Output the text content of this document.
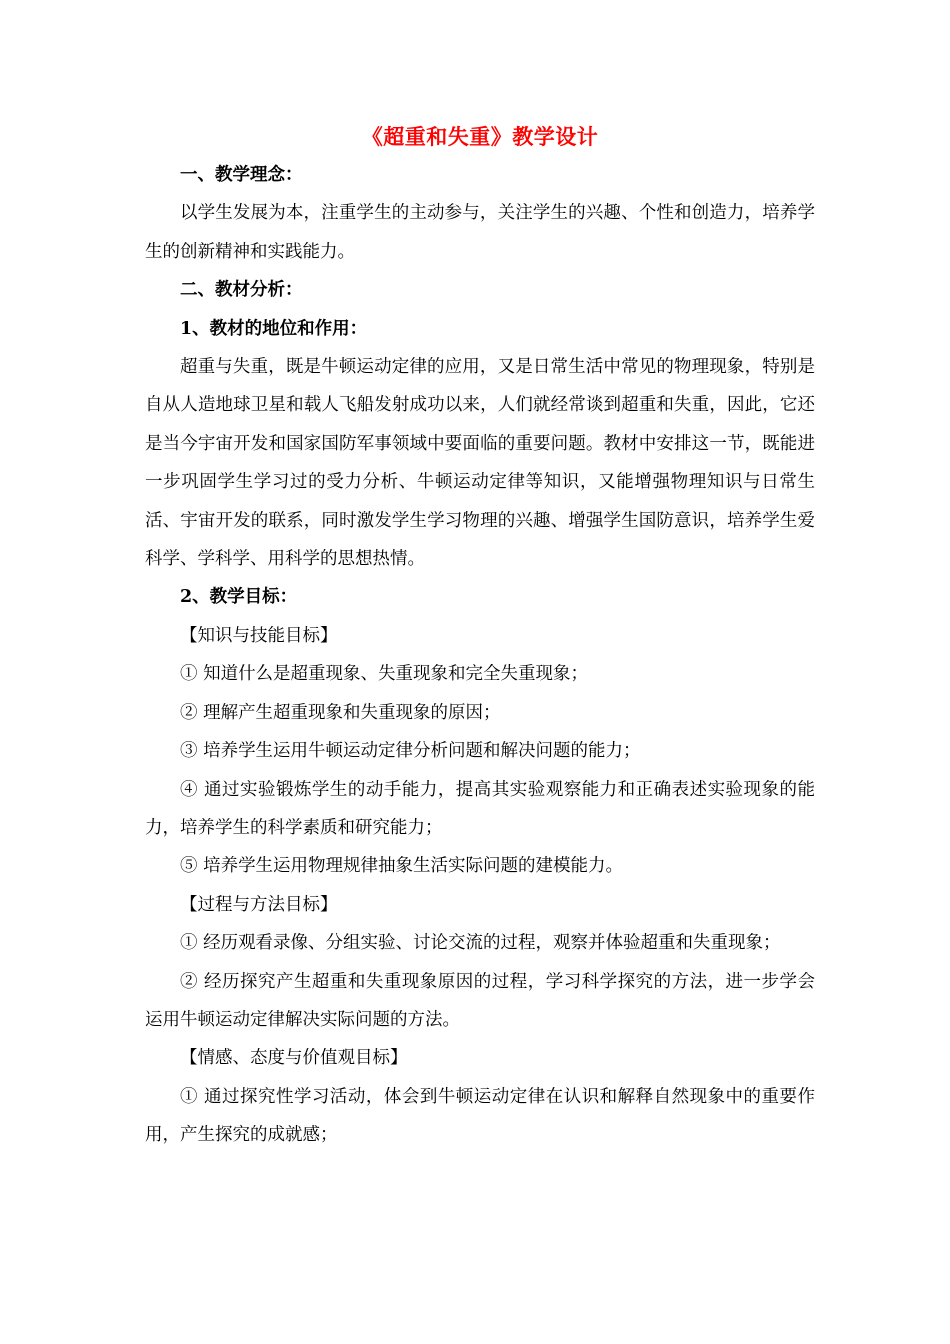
《超重和失重》教学设计

一、教学理念：

以学生发展为本，注重学生的主动参与，关注学生的兴趣、个性和创造力，培养学生的创新精神和实践能力。

二、教材分析：

1、教材的地位和作用：

超重与失重，既是牛顿运动定律的应用，又是日常生活中常见的物理现象，特别是自从人造地球卫星和载人飞船发射成功以来，人们就经常谈到超重和失重，因此，它还是当今宇宙开发和国家国防军事领域中要面临的重要问题。教材中安排这一节，既能进一步巩固学生学习过的受力分析、牛顿运动定律等知识，又能增强物理知识与日常生活、宇宙开发的联系，同时激发学生学习物理的兴趣、增强学生国防意识，培养学生爱科学、学科学、用科学的思想热情。

2、教学目标：

【知识与技能目标】

① 知道什么是超重现象、失重现象和完全失重现象；

② 理解产生超重现象和失重现象的原因；

③ 培养学生运用牛顿运动定律分析问题和解决问题的能力；

④ 通过实验锻炼学生的动手能力，提高其实验观察能力和正确表述实验现象的能力，培养学生的科学素质和研究能力；

⑤ 培养学生运用物理规律抽象生活实际问题的建模能力。

【过程与方法目标】

① 经历观看录像、分组实验、讨论交流的过程，观察并体验超重和失重现象；

② 经历探究产生超重和失重现象原因的过程，学习科学探究的方法，进一步学会运用牛顿运动定律解决实际问题的方法。

【情感、态度与价值观目标】

① 通过探究性学习活动，体会到牛顿运动定律在认识和解释自然现象中的重要作用，产生探究的成就感；
